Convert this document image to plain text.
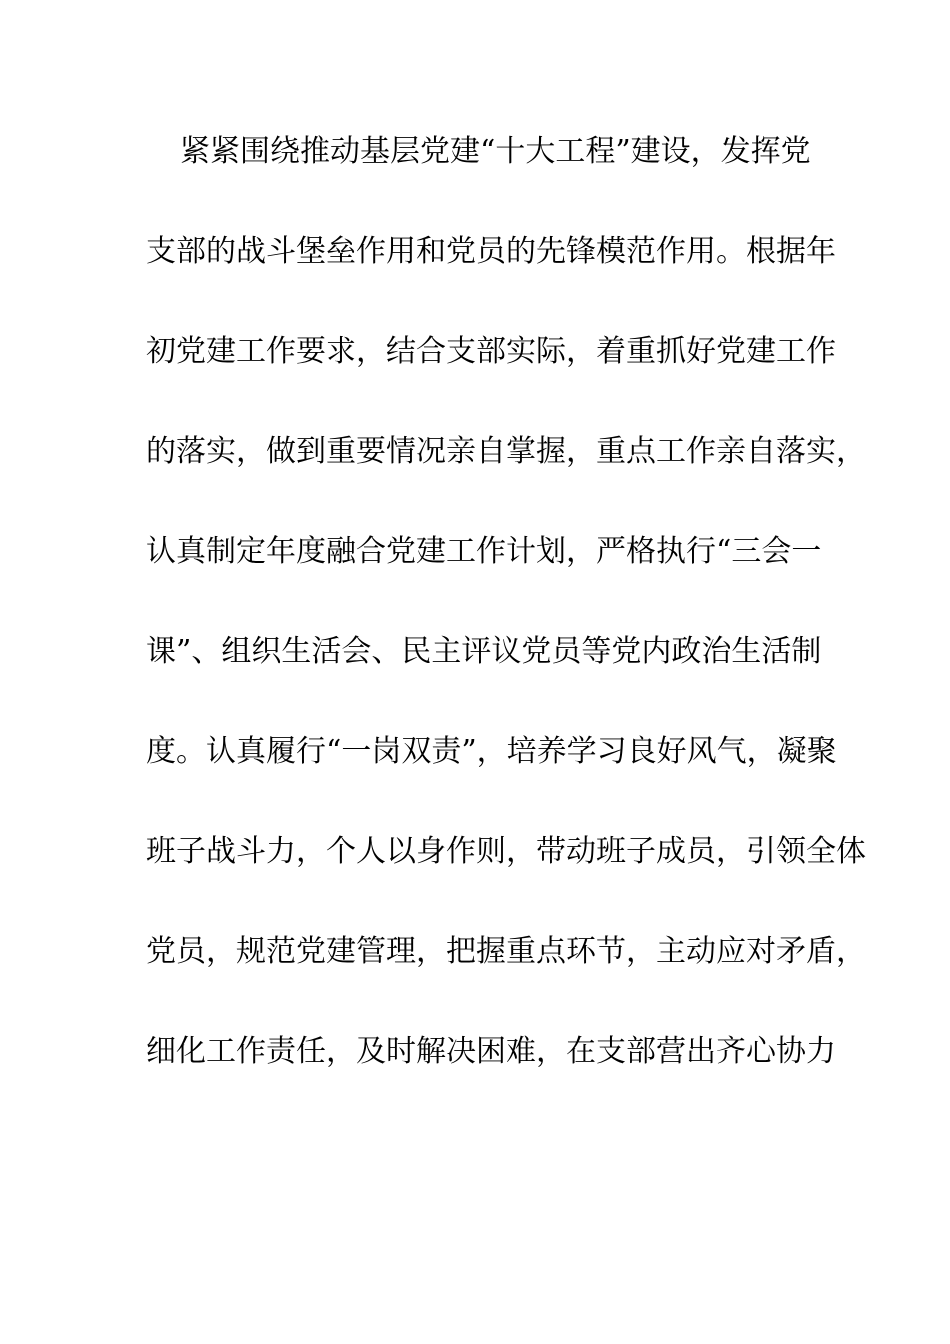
紧紧围绕推动基层党建“十大工程”建设，发挥党
支部的战斗堡垒作用和党员的先锋模范作用。根据年
初党建工作要求，结合支部实际，着重抓好党建工作
的落实，做到重要情况亲自掌握，重点工作亲自落实，
认真制定年度融合党建工作计划，严格执行“三会一
课”、组织生活会、民主评议党员等党内政治生活制
度。认真履行“一岗双责”，培养学习良好风气，凝聚
班子战斗力，个人以身作则，带动班子成员，引领全体
党员，规范党建管理，把握重点环节，主动应对矛盾，
细化工作责任，及时解决困难，在支部营出齐心协力
